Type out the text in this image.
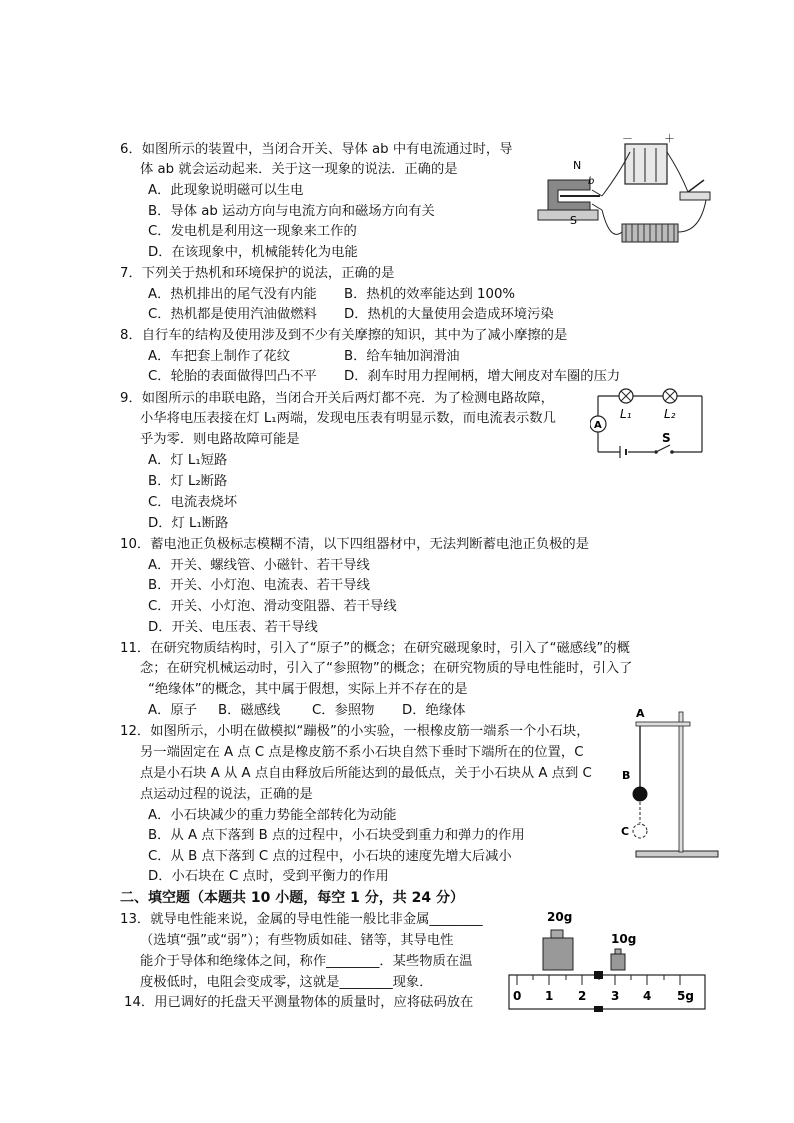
6．如图所示的装置中，当闭合开关、导体 ab 中有电流通过时，导
体 ab 就会运动起来．关于这一现象的说法．正确的是
A．此现象说明磁可以生电
B．导体 ab 运动方向与电流方向和磁场方向有关
C．发电机是利用这一现象来工作的
D．在该现象中，机械能转化为电能
－	＋
N
S
b
7．下列关于热机和环境保护的说法，正确的是
A．热机排出的尾气没有内能 B．热机的效率能达到 100%
C．热机都是使用汽油做燃料 D．热机的大量使用会造成环境污染
8．自行车的结构及使用涉及到不少有关摩擦的知识，其中为了减小摩擦的是
A．车把套上制作了花纹	B．给车轴加润滑油
C．轮胎的表面做得凹凸不平 D．刹车时用力捏闸柄，增大闸皮对车圈的压力
9．如图所示的串联电路，当闭合开关后两灯都不亮．为了检测电路故障，
小华将电压表接在灯 L₁两端，发现电压表有明显示数，而电流表示数几
乎为零．则电路故障可能是
A．灯 L₁短路
B．灯 L₂断路
C．电流表烧坏
D．灯 L₁断路
S
A
L₁	L₂
10．蓄电池正负极标志模糊不清，以下四组器材中，无法判断蓄电池正负极的是
A．开关、螺线管、小磁针、若干导线
B．开关、小灯泡、电流表、若干导线
C．开关、小灯泡、滑动变阻器、若干导线
D．开关、电压表、若干导线
11．在研究物质结构时，引入了“原子”的概念；在研究磁现象时，引入了“磁感线”的概
念；在研究机械运动时，引入了“参照物”的概念；在研究物质的导电性能时，引入了
“绝缘体”的概念，其中属于假想，实际上并不存在的是
A．原子 B．磁感线 C．参照物 D．绝缘体
12．如图所示，小明在做模拟“蹦极”的小实验，一根橡皮筋一端系一个小石块，
另一端固定在 A 点 C 点是橡皮筋不系小石块自然下垂时下端所在的位置，C
点是小石块 A 从 A 点自由释放后所能达到的最低点，关于小石块从 A 点到 C
点运动过程的说法，正确的是
A．小石块减少的重力势能全部转化为动能
B．从 A 点下落到 B 点的过程中，小石块受到重力和弹力的作用
C．从 B 点下落到 C 点的过程中，小石块的速度先增大后减小
D．小石块在 C 点时，受到平衡力的作用
A
B
C
二、填空题（本题共 10 小题，每空 1 分，共 24 分）
13．就导电性能来说，金属的导电性能一般比非金属________
（选填“强”或“弱”）；有些物质如硅、锗等，其导电性
能介于导体和绝缘体之间，称作________．某些物质在温
度极低时，电阻会变成零，这就是________现象．
14．用已调好的托盘天平测量物体的质量时，应将砝码放在
20g
10g
0 1 2 3 4 5g
